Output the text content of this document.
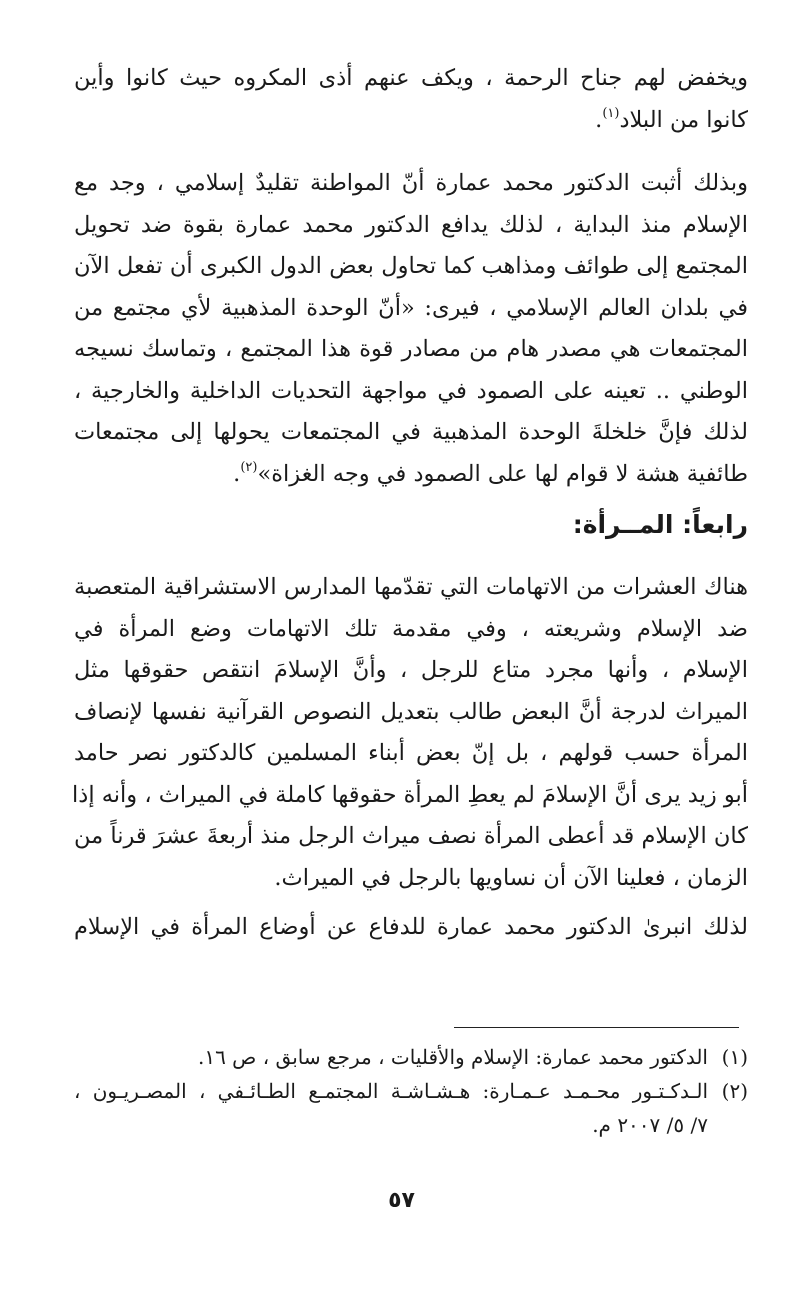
ويخفض لهم جناح الرحمة ، ويكف عنهم أذى المكروه حيث كانوا وأين
كانوا من البلاد$^{(١)}$.

وبذلك أثبت الدكتور محمد عمارة أنّ المواطنة تقليدٌ إسلامي ، وجد مع
الإسلام منذ البداية ، لذلك يدافع الدكتور محمد عمارة بقوة ضد تحويل
المجتمع إلى طوائف ومذاهب كما تحاول بعض الدول الكبرى أن تفعل الآن
في بلدان العالم الإسلامي ، فيرى: «أنّ الوحدة المذهبية لأي مجتمع من
المجتمعات هي مصدر هام من مصادر قوة هذا المجتمع ، وتماسك نسيجه
الوطني .. تعينه على الصمود في مواجهة التحديات الداخلية والخارجية ،
لذلك فإنَّ خلخلةَ الوحدة المذهبية في المجتمعات يحولها إلى مجتمعات
طائفية هشة لا قوام لها على الصمود في وجه الغزاة»$^{(٢)}$.

رابعاً: المــرأة:

هناك العشرات من الاتهامات التي تقدّمها المدارس الاستشراقية المتعصبة
ضد الإسلام وشريعته ، وفي مقدمة تلك الاتهامات وضع المرأة في
الإسلام ، وأنها مجرد متاع للرجل ، وأنَّ الإسلامَ انتقص حقوقها مثل
الميراث لدرجة أنَّ البعض طالب بتعديل النصوص القرآنية نفسها لإنصاف
المرأة حسب قولهم ، بل إنّ بعض أبناء المسلمين كالدكتور نصر حامد
أبو زيد يرى أنَّ الإسلامَ لم يعطِ المرأة حقوقها كاملة في الميراث ، وأنه إذا
كان الإسلام قد أعطى المرأة نصف ميراث الرجل منذ أربعةَ عشرَ قرناً من
الزمان ، فعلينا الآن أن نساويها بالرجل في الميراث.

لذلك انبرىٰ الدكتور محمد عمارة للدفاع عن أوضاع المرأة في الإسلام

(١)
الدكتور محمد عمارة: الإسلام والأقليات ، مرجع سابق ، ص ١٦.
(٢)
الـدكـتـور محـمـد عـمـارة: هـشـاشـة المجتمـع الطـائـفي ، المصـريـون ،
٧/ ٥/ ٢٠٠٧ م.
٥٧
